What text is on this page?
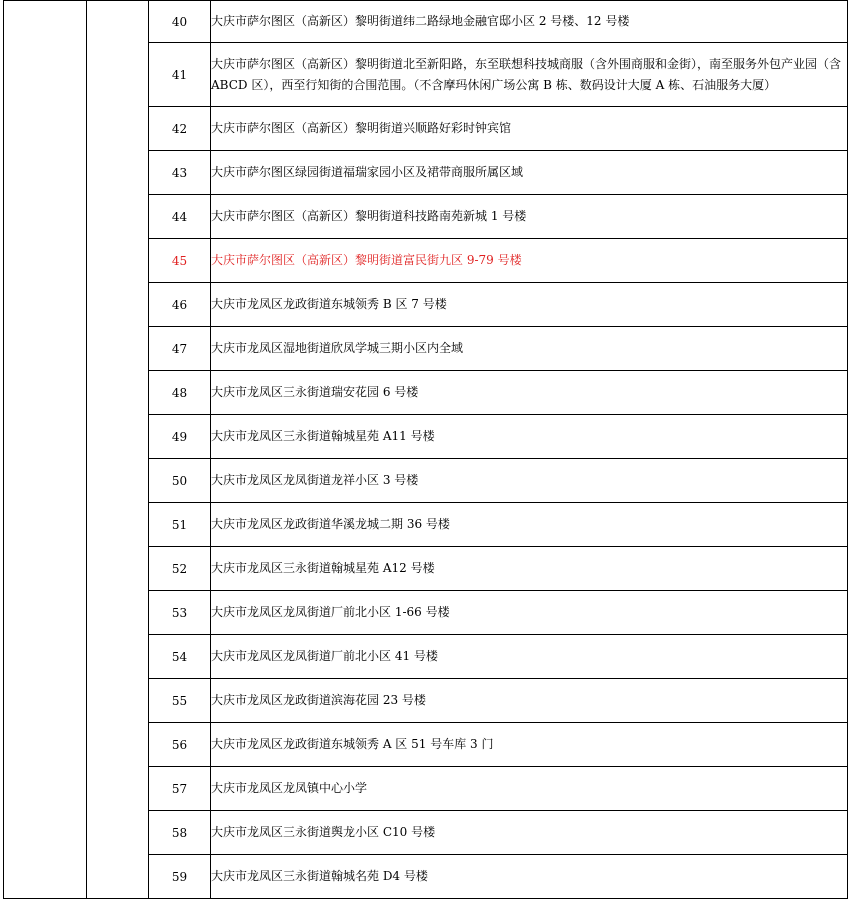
		40	大庆市萨尔图区（高新区）黎明街道纬二路绿地金融官邸小区 2 号楼、12 号楼
		41	大庆市萨尔图区（高新区）黎明街道北至新阳路，东至联想科技城商服（含外围商服和金街），南至服务外包产业园（含 ABCD 区），西至行知街的合围范围。（不含摩玛休闲广场公寓 B 栋、数码设计大厦 A 栋、石油服务大厦）
		42	大庆市萨尔图区（高新区）黎明街道兴顺路好彩时钟宾馆
		43	大庆市萨尔图区绿园街道福瑞家园小区及裙带商服所属区域
		44	大庆市萨尔图区（高新区）黎明街道科技路南苑新城 1 号楼
		45	大庆市萨尔图区（高新区）黎明街道富民街九区 9-79 号楼
		46	大庆市龙凤区龙政街道东城领秀 B 区 7 号楼
		47	大庆市龙凤区湿地街道欣凤学城三期小区内全域
		48	大庆市龙凤区三永街道瑞安花园 6 号楼
		49	大庆市龙凤区三永街道翰城星苑 A11 号楼
		50	大庆市龙凤区龙凤街道龙祥小区 3 号楼
		51	大庆市龙凤区龙政街道华溪龙城二期 36 号楼
		52	大庆市龙凤区三永街道翰城星苑 A12 号楼
		53	大庆市龙凤区龙凤街道厂前北小区 1-66 号楼
		54	大庆市龙凤区龙凤街道厂前北小区 41 号楼
		55	大庆市龙凤区龙政街道滨海花园 23 号楼
		56	大庆市龙凤区龙政街道东城领秀 A 区 51 号车库 3 门
		57	大庆市龙凤区龙凤镇中心小学
		58	大庆市龙凤区三永街道舆龙小区 C10 号楼
		59	大庆市龙凤区三永街道翰城名苑 D4 号楼
